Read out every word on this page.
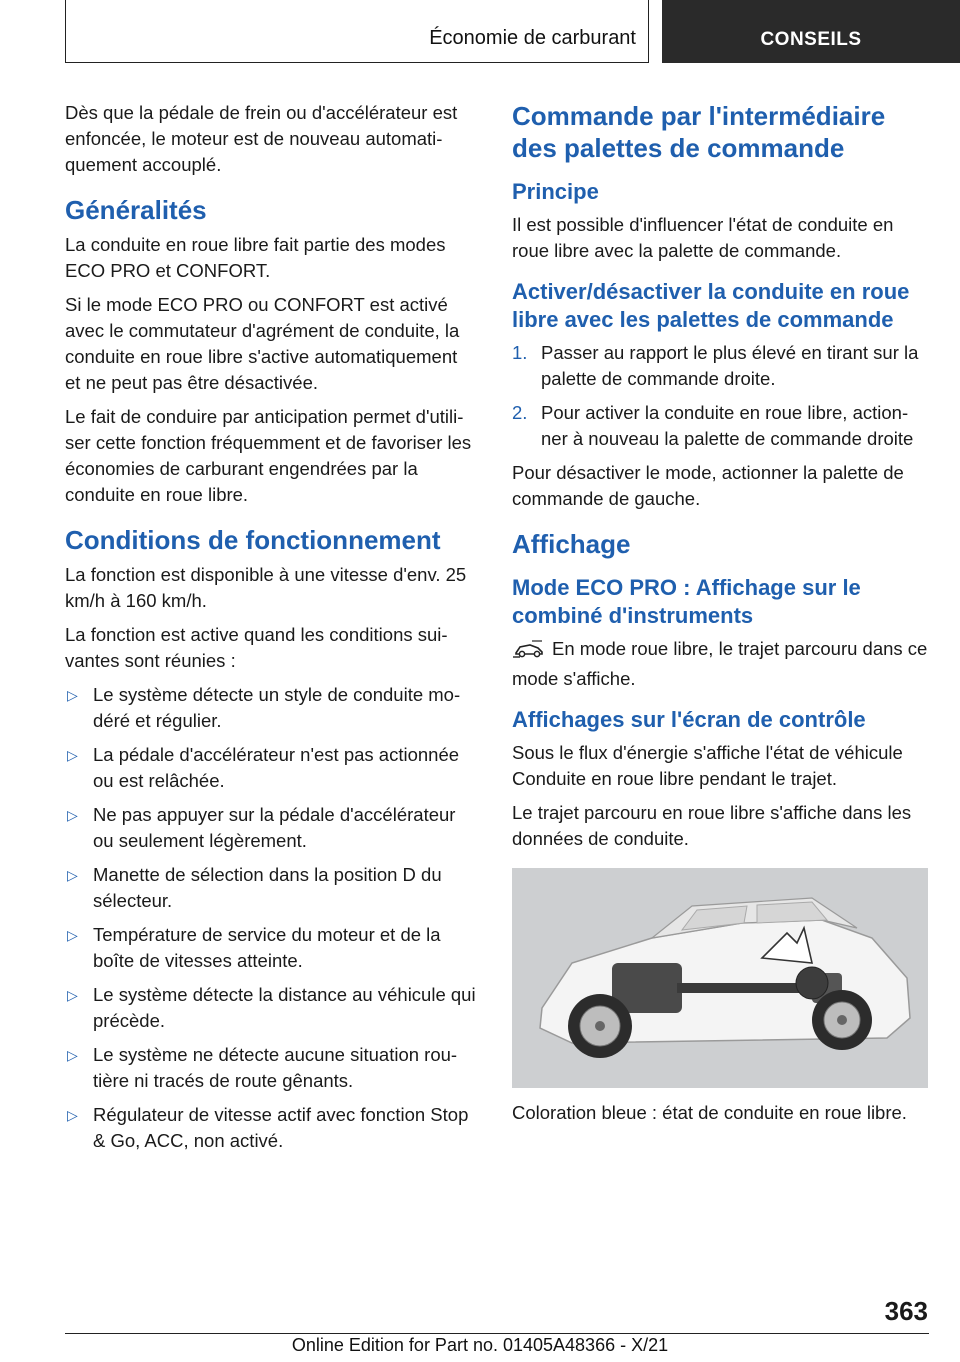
Économie de carburant	CONSEILS

Dès que la pédale de frein ou d'accélérateur est enfoncée, le moteur est de nouveau automatiquement accouplé.

Généralités

La conduite en roue libre fait partie des modes ECO PRO et CONFORT.

Si le mode ECO PRO ou CONFORT est activé avec le commutateur d'agrément de conduite, la conduite en roue libre s'active automatiquement et ne peut pas être désactivée.

Le fait de conduire par anticipation permet d'utiliser cette fonction fréquemment et de favoriser les économies de carburant engendrées par la conduite en roue libre.

Conditions de fonctionnement

La fonction est disponible à une vitesse d'env. 25 km/h à 160 km/h.

La fonction est active quand les conditions suivantes sont réunies :

▷ Le système détecte un style de conduite modéré et régulier.
▷ La pédale d'accélérateur n'est pas actionnée ou est relâchée.
▷ Ne pas appuyer sur la pédale d'accélérateur ou seulement légèrement.
▷ Manette de sélection dans la position D du sélecteur.
▷ Température de service du moteur et de la boîte de vitesses atteinte.
▷ Le système détecte la distance au véhicule qui précède.
▷ Le système ne détecte aucune situation routière ni tracés de route gênants.
▷ Régulateur de vitesse actif avec fonction Stop & Go, ACC, non activé.
Commande par l'intermédiaire des palettes de commande
Principe

Il est possible d'influencer l'état de conduite en roue libre avec la palette de commande.

Activer/désactiver la conduite en roue libre avec les palettes de commande
1. Passer au rapport le plus élevé en tirant sur la palette de commande droite.
2. Pour activer la conduite en roue libre, actionner à nouveau la palette de commande droite

Pour désactiver le mode, actionner la palette de commande de gauche.

Affichage
Mode ECO PRO : Affichage sur le combiné d'instruments

En mode roue libre, le trajet parcouru dans ce mode s'affiche.

Affichages sur l'écran de contrôle

Sous le flux d'énergie s'affiche l'état de véhicule Conduite en roue libre pendant le trajet.

Le trajet parcouru en roue libre s'affiche dans les données de conduite.

Coloration bleue : état de conduite en roue libre.

363
Online Edition for Part no. 01405A48366 - X/21
